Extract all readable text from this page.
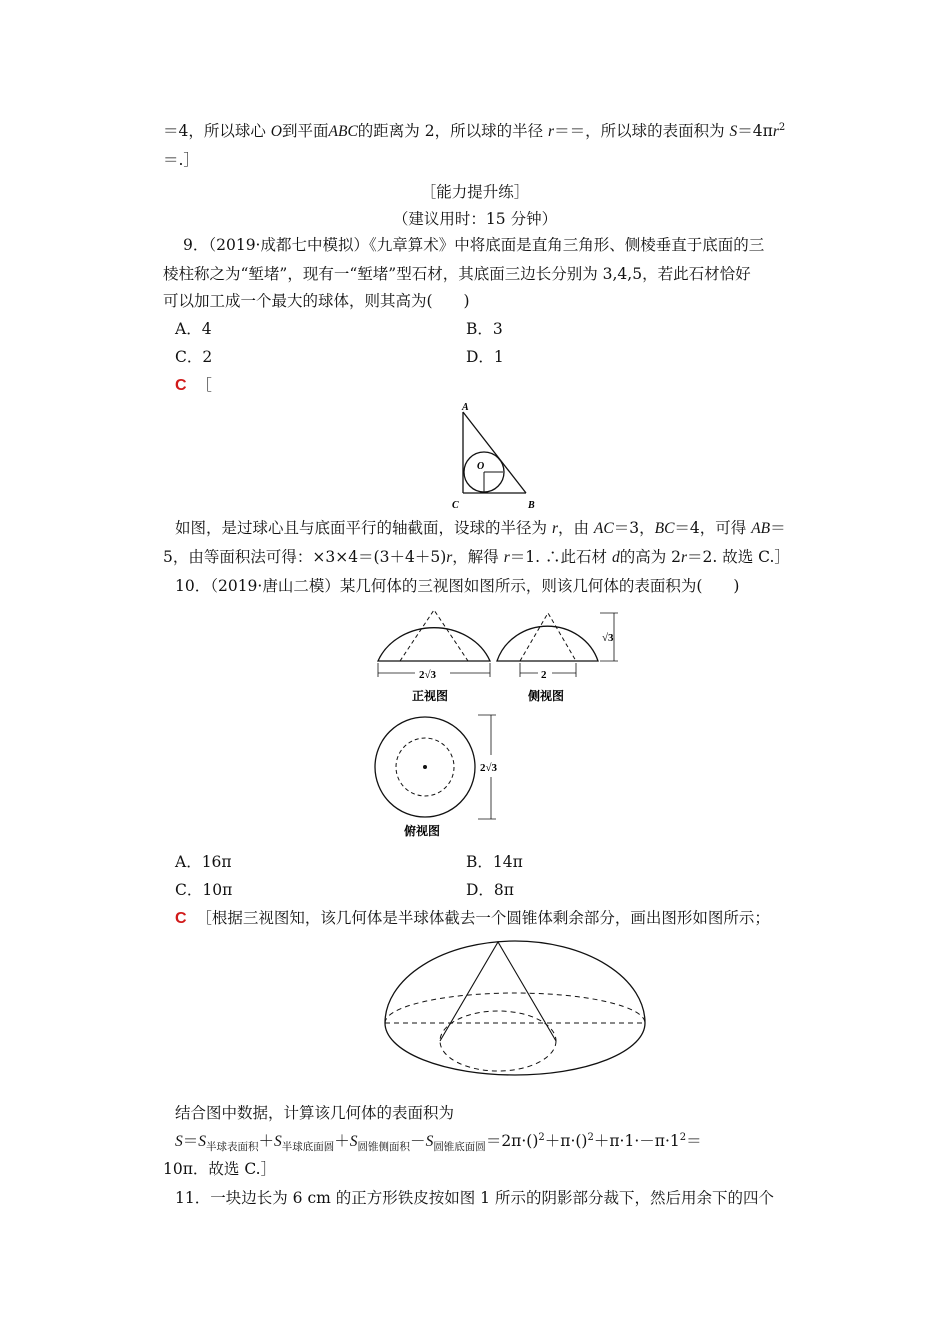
＝4，所以球心 O到平面ABC的距离为 2，所以球的半径 r＝＝，所以球的表面积为 $S=4\pi r^2$
＝.］
［能力提升练］
（建议用时：15 分钟）
9．（2019·成都七中模拟）《九章算术》中将底面是直角三角形、侧棱垂直于底面的三
棱柱称之为“堑堵”，现有一“堑堵”型石材，其底面三边长分别为 3,4,5，若此石材恰好
可以加工成一个最大的球体，则其高为(　　)
A．4	B．3
C．2	D．1
C ［
A
C	B
O
如图，是过球心且与底面平行的轴截面，设球的半径为 r，由 AC＝3，BC＝4，可得 AB＝
5，由等面积法可得：×3×4＝(3＋4＋5)r，解得 r＝1. ∴此石材 d的高为 2r＝2. 故选 C.］
10．（2019·唐山二模）某几何体的三视图如图所示，则该几何体的表面积为(　　)
2√3
正视图
2
侧视图
√3
2√3
俯视图
A．16π	B．14π
C．10π	D．8π
C ［根据三视图知，该几何体是半球体截去一个圆锥体剩余部分，画出图形如图所示；
结合图中数据，计算该几何体的表面积为
$S=S_{半球表面积}+S_{半球底面圆}+S_{圆锥侧面积}-S_{圆锥底面圆}=2\pi\cdot()^2+\pi\cdot()^2+\pi\cdot 1\cdot-\pi\cdot 1^2=$
10π．故选 C.］
11．一块边长为 6 cm 的正方形铁皮按如图 1 所示的阴影部分裁下，然后用余下的四个
